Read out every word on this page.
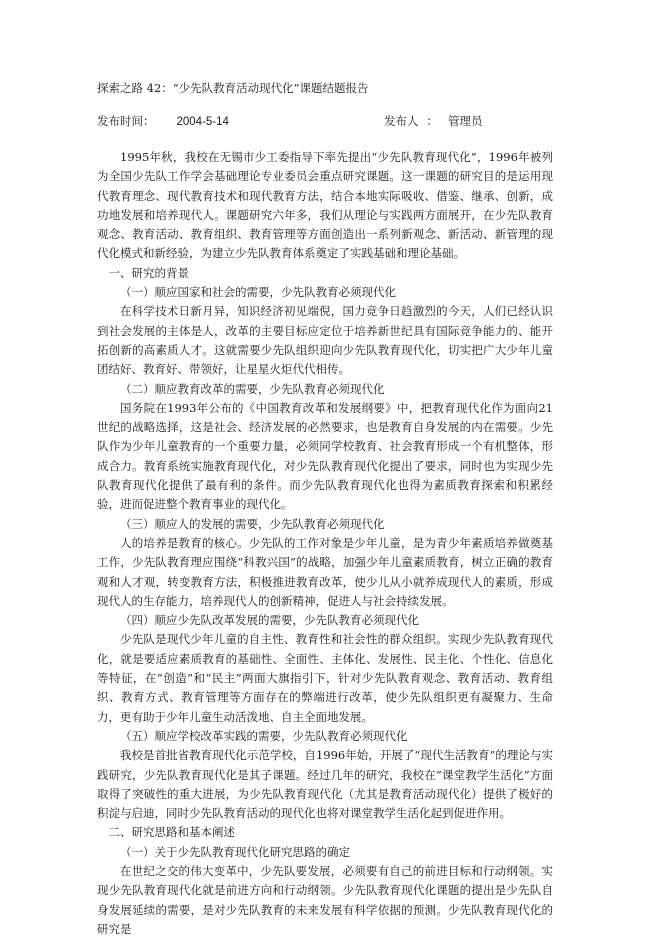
探索之路 42：“少先队教育活动现代化”课题结题报告
发布时间： 2004-5-14	发布人 ： 管理员

1995年秋，我校在无锡市少工委指导下率先提出“少先队教育现代化”，1996年被列为全国少先队工作学会基础理论专业委员会重点研究课题。这一课题的研究目的是运用现代教育理念、现代教育技术和现代教育方法，结合本地实际吸收、借鉴、继承、创新，成功地发展和培养现代人。课题研究六年多，我们从理论与实践两方面展开，在少先队教育观念、教育活动、教育组织、教育管理等方面创造出一系列新观念、新活动、新管理的现代化模式和新经验，为建立少先队教育体系奠定了实践基础和理论基础。

一、研究的背景

（一）顺应国家和社会的需要，少先队教育必须现代化

在科学技术日新月异，知识经济初见端倪，国力竞争日趋激烈的今天，人们已经认识到社会发展的主体是人，改革的主要目标应定位于培养新世纪具有国际竞争能力的、能开拓创新的高素质人才。这就需要少先队组织迎向少先队教育现代化，切实把广大少年儿童团结好、教育好、带领好，让星星火炬代代相传。

（二）顺应教育改革的需要，少先队教育必须现代化

国务院在1993年公布的《中国教育改革和发展纲要》中，把教育现代化作为面向21世纪的战略选择，这是社会、经济发展的必然要求，也是教育自身发展的内在需要。少先队作为少年儿童教育的一个重要力量，必须同学校教育、社会教育形成一个有机整体，形成合力。教育系统实施教育现代化，对少先队教育现代化提出了要求，同时也为实现少先队教育现代化提供了最有利的条件。而少先队教育现代化也得为素质教育探索和积累经验，进而促进整个教育事业的现代化。

（三）顺应人的发展的需要，少先队教育必须现代化

人的培养是教育的核心。少先队的工作对象是少年儿童，是为青少年素质培养做奠基工作，少先队教育理应围绕“科教兴国”的战略，加强少年儿童素质教育，树立正确的教育观和人才观，转变教育方法，积极推进教育改革，使少儿从小就养成现代人的素质，形成现代人的生存能力，培养现代人的创新精神，促进人与社会持续发展。

（四）顺应少先队改革发展的需要，少先队教育必须现代化

少先队是现代少年儿童的自主性、教育性和社会性的群众组织。实现少先队教育现代化，就是要适应素质教育的基础性、全面性、主体化、发展性、民主化、个性化、信息化等特征，在“创造”和“民主”两面大旗指引下，针对少先队教育观念、教育活动、教育组织、教育方式、教育管理等方面存在的弊端进行改革，使少先队组织更有凝聚力、生命力，更有助于少年儿童生动活泼地、自主全面地发展。

（五）顺应学校改革实践的需要，少先队教育必须现代化

我校是首批省教育现代化示范学校，自1996年始，开展了“现代生活教育”的理论与实践研究，少先队教育现代化是其子课题。经过几年的研究，我校在“课堂教学生活化”方面取得了突破性的重大进展，为少先队教育现代化（尤其是教育活动现代化）提供了极好的积淀与启迪，同时少先队教育活动的现代化也将对课堂教学生活化起到促进作用。

二、研究思路和基本阐述

（一）关于少先队教育现代化研究思路的确定

在世纪之交的伟大变革中，少先队要发展，必须要有自己的前进目标和行动纲领。实现少先队教育现代化就是前进方向和行动纲领。少先队教育现代化课题的提出是少先队自身发展延续的需要，是对少先队教育的未来发展有科学依据的预测。少先队教育现代化的研究是
